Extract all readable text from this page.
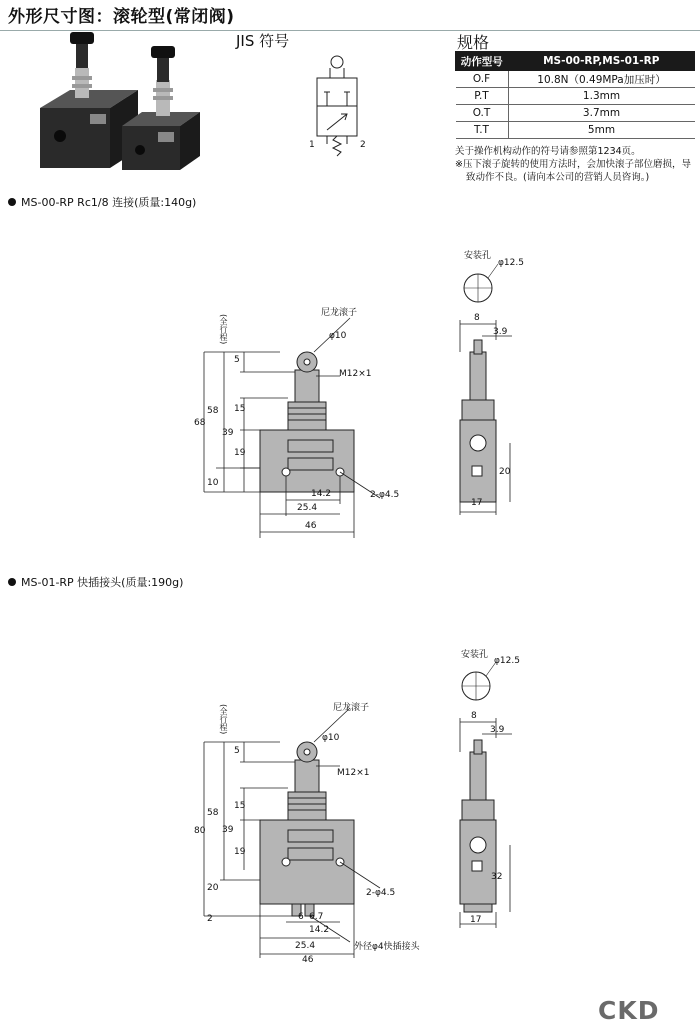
外形尺寸图：滚轮型(常闭阀)
JIS 符号
1	2
规格
动作型号	MS-00-RP,MS-01-RP
O.F	10.8N（0.49MPa加压时）
P.T	1.3mm
O.T	3.7mm
T.T	5mm
关于操作机构动作的符号请参照第1234页。
※压下滚子旋转的使用方法时，会加快滚子部位磨损，导
致动作不良。(请向本公司的营销人员咨询。)
MS-00-RP Rc1/8 连接(质量:140g)
尼龙滚子
φ10
M12×1
(全行程)
5
15
39
19
58
68
10
2-φ4.5
14.2
25.4
46
安装孔
φ12.5
8
3.9
20
17
MS-01-RP 快插接头(质量:190g)
尼龙滚子
φ10
M12×1
(全行程)
5
15
39
19
58
80
20
2
2-φ4.5
6 6.7
14.2
25.4
46
外径φ4快插接头
安装孔
φ12.5
8
3.9
32
17
CKD
